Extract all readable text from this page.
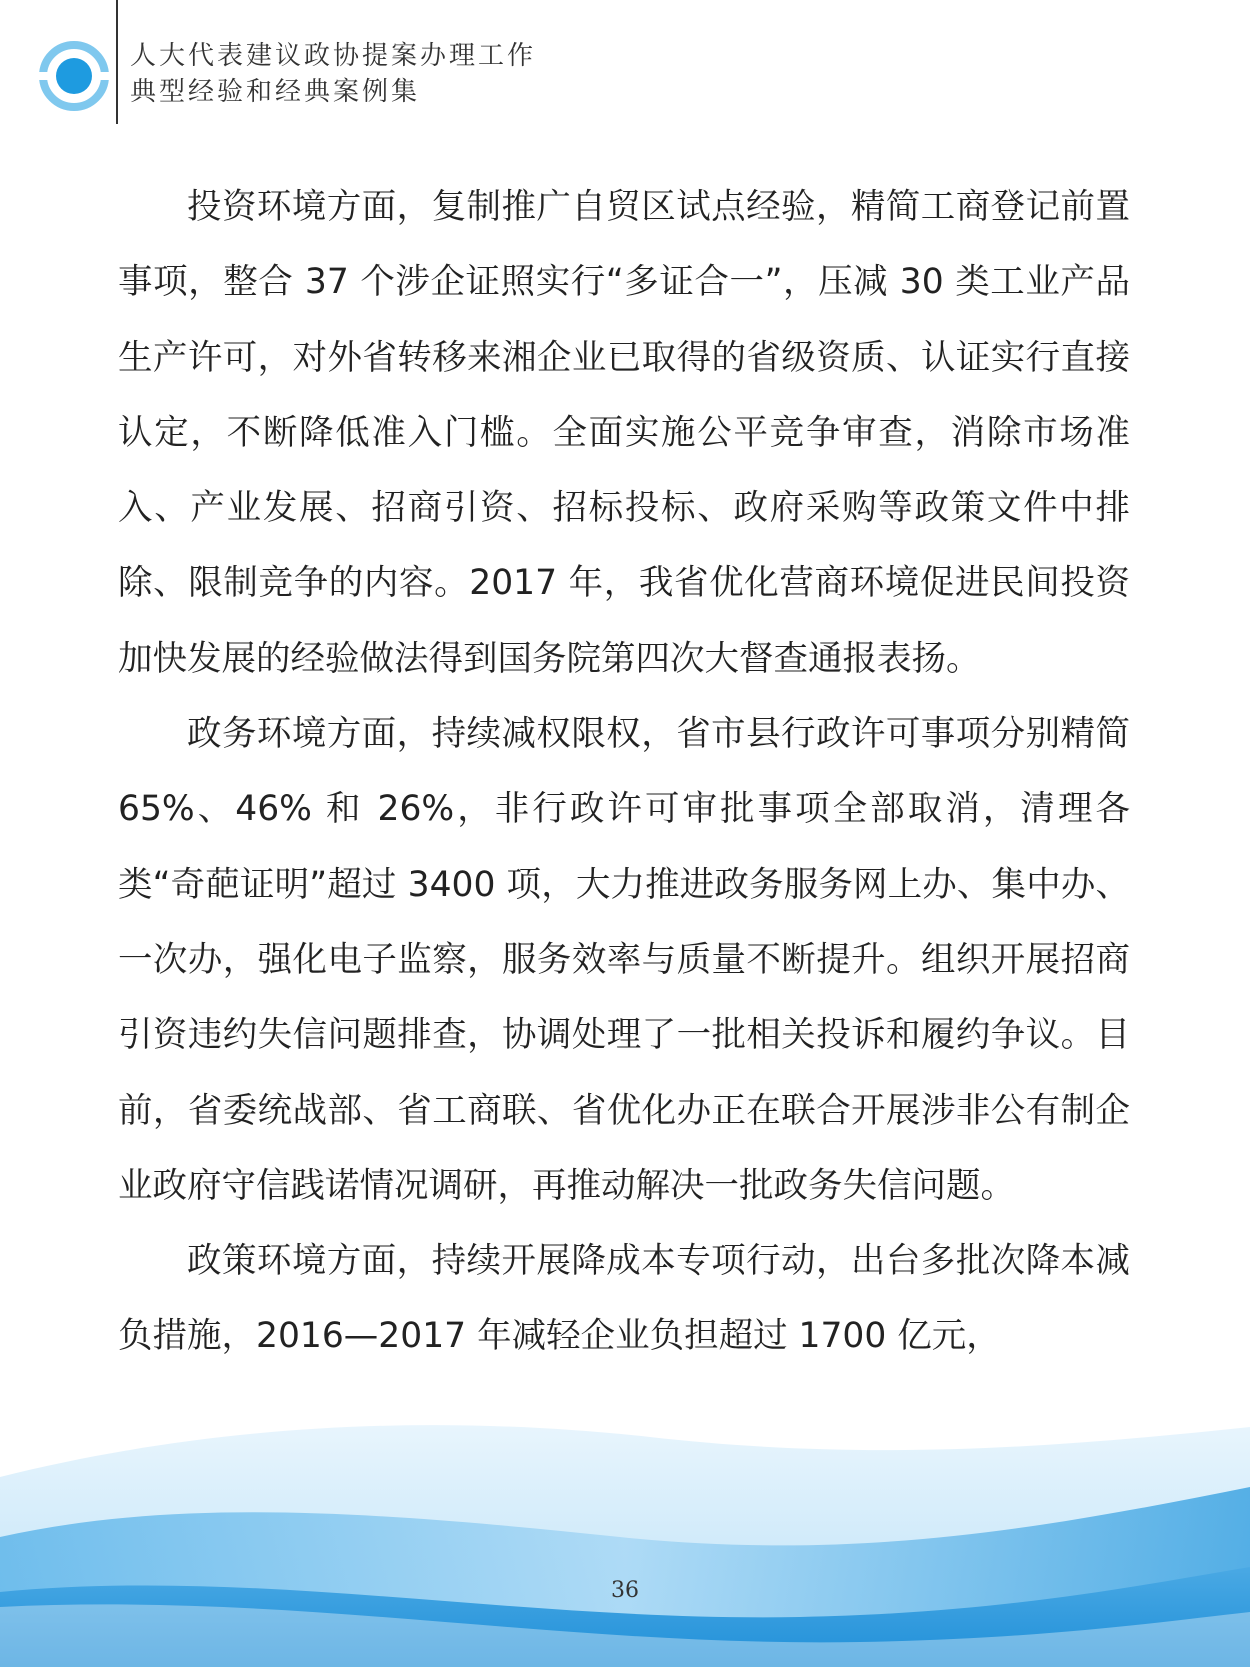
人大代表建议政协提案办理工作
典型经验和经典案例集

投资环境方面，复制推广自贸区试点经验，精简工商登记前置事项，整合 37 个涉企证照实行“多证合一”，压减 30 类工业产品生产许可，对外省转移来湘企业已取得的省级资质、认证实行直接认定，不断降低准入门槛。全面实施公平竞争审查，消除市场准入、产业发展、招商引资、招标投标、政府采购等政策文件中排除、限制竞争的内容。2017 年，我省优化营商环境促进民间投资加快发展的经验做法得到国务院第四次大督查通报表扬。

政务环境方面，持续减权限权，省市县行政许可事项分别精简 65%、46% 和 26%，非行政许可审批事项全部取消，清理各类“奇葩证明”超过 3400 项，大力推进政务服务网上办、集中办、一次办，强化电子监察，服务效率与质量不断提升。组织开展招商引资违约失信问题排查，协调处理了一批相关投诉和履约争议。目前，省委统战部、省工商联、省优化办正在联合开展涉非公有制企业政府守信践诺情况调研，再推动解决一批政务失信问题。

政策环境方面，持续开展降成本专项行动，出台多批次降本减负措施，2016—2017 年减轻企业负担超过 1700 亿元，

36
